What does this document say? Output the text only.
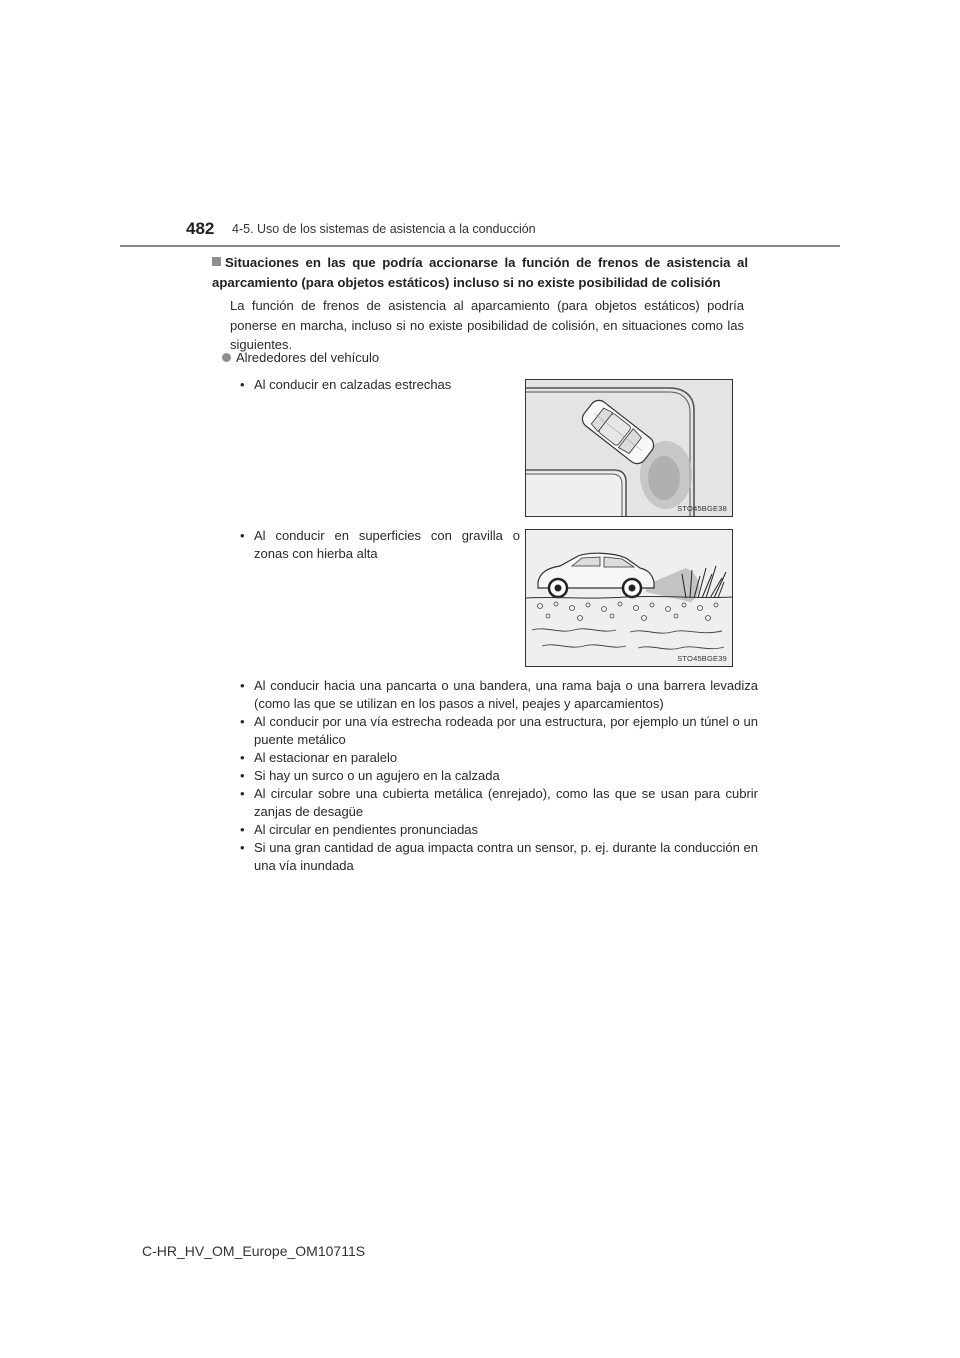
482 4-5. Uso de los sistemas de asistencia a la conducción
Situaciones en las que podría accionarse la función de frenos de asistencia al aparcamiento (para objetos estáticos) incluso si no existe posibilidad de colisión
La función de frenos de asistencia al aparcamiento (para objetos estáticos) podría ponerse en marcha, incluso si no existe posibilidad de colisión, en situaciones como las siguientes.
Alrededores del vehículo
• Al conducir en calzadas estrechas
• Al conducir en superficies con gravilla o zonas con hierba alta
STO45BGE38
STO45BGE39
• Al conducir hacia una pancarta o una bandera, una rama baja o una barrera levadiza (como las que se utilizan en los pasos a nivel, peajes y aparcamientos)
• Al conducir por una vía estrecha rodeada por una estructura, por ejemplo un túnel o un puente metálico
• Al estacionar en paralelo
• Si hay un surco o un agujero en la calzada
• Al circular sobre una cubierta metálica (enrejado), como las que se usan para cubrir zanjas de desagüe
• Al circular en pendientes pronunciadas
• Si una gran cantidad de agua impacta contra un sensor, p. ej. durante la conducción en una vía inundada
C-HR_HV_OM_Europe_OM10711S
